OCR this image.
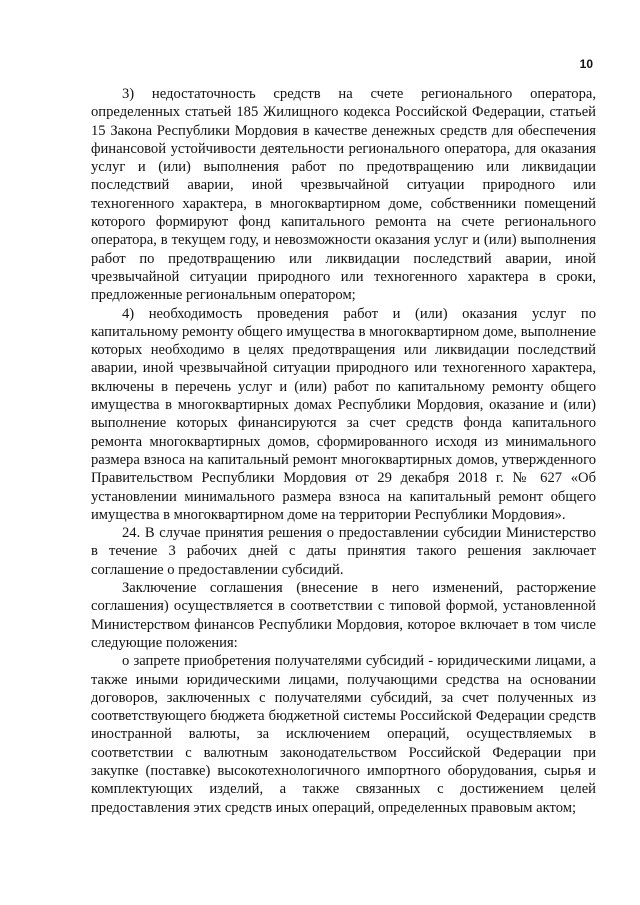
10

3) недостаточность средств на счете регионального оператора, определенных статьей 185 Жилищного кодекса Российской Федерации, статьей 15 Закона Республики Мордовия в качестве денежных средств для обеспечения финансовой устойчивости деятельности регионального оператора, для оказания услуг и (или) выполнения работ по предотвращению или ликвидации последствий аварии, иной чрезвычайной ситуации природного или техногенного характера, в многоквартирном доме, собственники помещений которого формируют фонд капитального ремонта на счете регионального оператора, в текущем году, и невозможности оказания услуг и (или) выполнения работ по предотвращению или ликвидации последствий аварии, иной чрезвычайной ситуации природного или техногенного характера в сроки, предложенные региональным оператором;

4) необходимость проведения работ и (или) оказания услуг по капитальному ремонту общего имущества в многоквартирном доме, выполнение которых необходимо в целях предотвращения или ликвидации последствий аварии, иной чрезвычайной ситуации природного или техногенного характера, включены в перечень услуг и (или) работ по капитальному ремонту общего имущества в многоквартирных домах Республики Мордовия, оказание и (или) выполнение которых финансируются за счет средств фонда капитального ремонта многоквартирных домов, сформированного исходя из минимального размера взноса на капитальный ремонт многоквартирных домов, утвержденного Правительством Республики Мордовия от 29 декабря 2018 г. № 627 «Об установлении минимального размера взноса на капитальный ремонт общего имущества в многоквартирном доме на территории Республики Мордовия».

24. В случае принятия решения о предоставлении субсидии Министерство в течение 3 рабочих дней с даты принятия такого решения заключает соглашение о предоставлении субсидий.

Заключение соглашения (внесение в него изменений, расторжение соглашения) осуществляется в соответствии с типовой формой, установленной Министерством финансов Республики Мордовия, которое включает в том числе следующие положения:

о запрете приобретения получателями субсидий - юридическими лицами, а также иными юридическими лицами, получающими средства на основании договоров, заключенных с получателями субсидий, за счет полученных из соответствующего бюджета бюджетной системы Российской Федерации средств иностранной валюты, за исключением операций, осуществляемых в соответствии с валютным законодательством Российской Федерации при закупке (поставке) высокотехнологичного импортного оборудования, сырья и комплектующих изделий, а также связанных с достижением целей предоставления этих средств иных операций, определенных правовым актом;
